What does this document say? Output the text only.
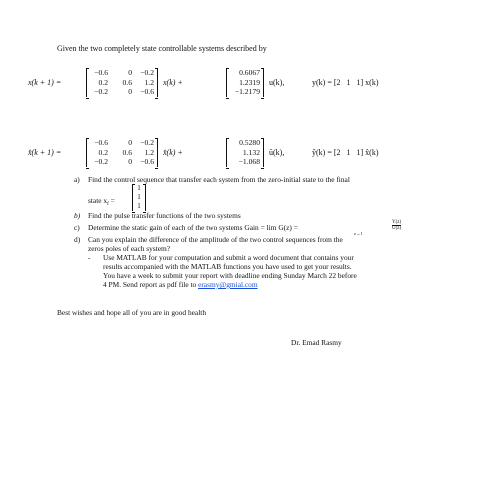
Given the two completely state controllable systems described by
x(k + 1) =
−0.6	0	−0.2
0.2	0.6	1.2
−0.2	0	−0.6
x(k) +
0.6067
1.2319
−1.2179
u(k),	y(k) = [2   1   1] x(k)
x̂(k + 1) =
−0.6	0	−0.2
0.2	0.6	1.2
−0.2	0	−0.6
x̂(k) +
0.5280
1.132
−1.068
ũ(k),	ŷ(k) = [2   1   1] x̂(k)
a) Find the control sequence that transfer each system from the zero-initial state to the final
state $x_f$ =
1
1
1
b) Find the pulse transfer functions of the two systems
c) Determine the static gain of each of the two systems Gain = lim G(z) =
z→1
$\frac{Y(z)}{U(z)}$
d) Can you explain the difference of the amplitude of the two control sequences from the
zeros poles of each system?
- Use MATLAB for your computation and submit a word document that contains your
results accompanied with the MATLAB functions you have used to get your results.
You have a week to submit your report with deadline ending Sunday March 22 before
4 PM. Send report as pdf file to erasmy@gmial.com
Best wishes and hope all of you are in good health
Dr. Emad Rasmy
